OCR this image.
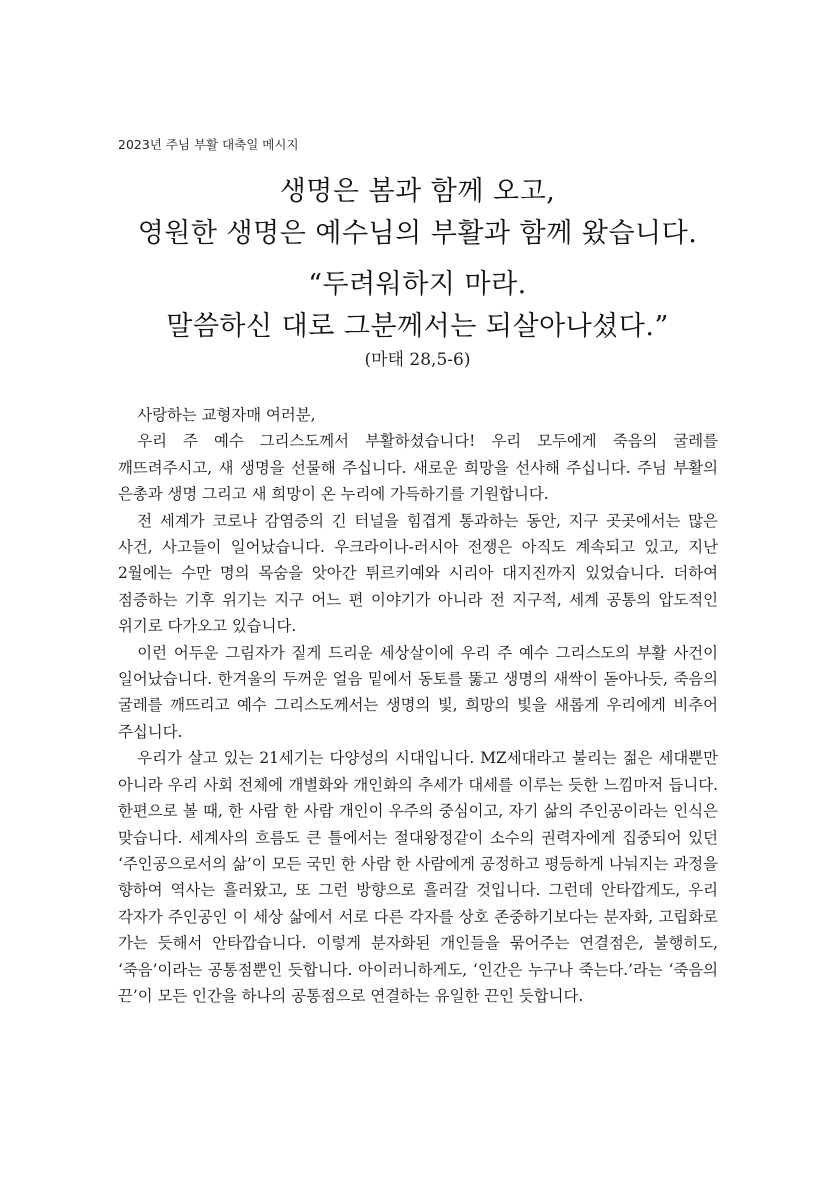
2023년 주님 부활 대축일 메시지
생명은 봄과 함께 오고,
영원한 생명은 예수님의 부활과 함께 왔습니다.
“두려워하지 마라.
말씀하신 대로 그분께서는 되살아나셨다.”
(마태 28,5-6)

사랑하는 교형자매 여러분,

우리 주 예수 그리스도께서 부활하셨습니다! 우리 모두에게 죽음의 굴레를 깨뜨려주시고, 새 생명을 선물해 주십니다. 새로운 희망을 선사해 주십니다. 주님 부활의 은총과 생명 그리고 새 희망이 온 누리에 가득하기를 기원합니다.

전 세계가 코로나 감염증의 긴 터널을 힘겹게 통과하는 동안, 지구 곳곳에서는 많은 사건, 사고들이 일어났습니다. 우크라이나-러시아 전쟁은 아직도 계속되고 있고, 지난 2월에는 수만 명의 목숨을 앗아간 튀르키예와 시리아 대지진까지 있었습니다. 더하여 점증하는 기후 위기는 지구 어느 편 이야기가 아니라 전 지구적, 세계 공통의 압도적인 위기로 다가오고 있습니다.

이런 어두운 그림자가 짙게 드리운 세상살이에 우리 주 예수 그리스도의 부활 사건이 일어났습니다. 한겨울의 두꺼운 얼음 밑에서 동토를 뚫고 생명의 새싹이 돋아나듯, 죽음의 굴레를 깨뜨리고 예수 그리스도께서는 생명의 빛, 희망의 빛을 새롭게 우리에게 비추어 주십니다.

우리가 살고 있는 21세기는 다양성의 시대입니다. MZ세대라고 불리는 젊은 세대뿐만 아니라 우리 사회 전체에 개별화와 개인화의 추세가 대세를 이루는 듯한 느낌마저 듭니다. 한편으로 볼 때, 한 사람 한 사람 개인이 우주의 중심이고, 자기 삶의 주인공이라는 인식은 맞습니다. 세계사의 흐름도 큰 틀에서는 절대왕정같이 소수의 권력자에게 집중되어 있던 ‘주인공으로서의 삶’이 모든 국민 한 사람 한 사람에게 공정하고 평등하게 나눠지는 과정을 향하여 역사는 흘러왔고, 또 그런 방향으로 흘러갈 것입니다. 그런데 안타깝게도, 우리 각자가 주인공인 이 세상 삶에서 서로 다른 각자를 상호 존중하기보다는 분자화, 고립화로 가는 듯해서 안타깝습니다. 이렇게 분자화된 개인들을 묶어주는 연결점은, 불행히도, ‘죽음’이라는 공통점뿐인 듯합니다. 아이러니하게도, ‘인간은 누구나 죽는다.’라는 ‘죽음의 끈’이 모든 인간을 하나의 공통점으로 연결하는 유일한 끈인 듯합니다.
